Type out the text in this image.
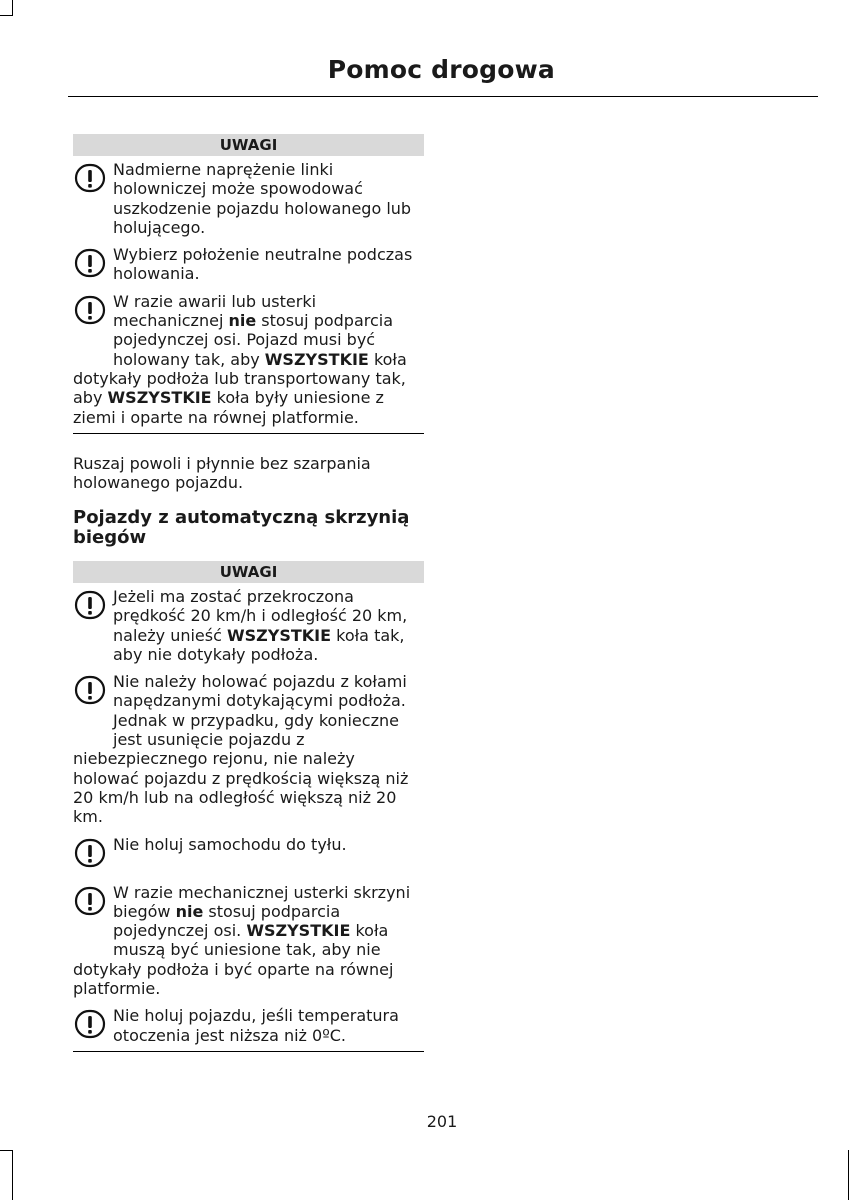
Pomoc drogowa
UWAGI

Nadmierne naprężenie linki holowniczej może spowodować uszkodzenie pojazdu holowanego lub holującego.

Wybierz położenie neutralne podczas holowania.

W razie awarii lub usterki mechanicznej nie stosuj podparcia pojedynczej osi. Pojazd musi być holowany tak, aby WSZYSTKIE koła dotykały podłoża lub transportowany tak, aby WSZYSTKIE koła były uniesione z ziemi i oparte na równej platformie.

Ruszaj powoli i płynnie bez szarpania holowanego pojazdu.

Pojazdy z automatyczną skrzynią biegów

UWAGI

Jeżeli ma zostać przekroczona prędkość 20 km/h i odległość 20 km, należy unieść WSZYSTKIE koła tak, aby nie dotykały podłoża.

Nie należy holować pojazdu z kołami napędzanymi dotykającymi podłoża. Jednak w przypadku, gdy konieczne jest usunięcie pojazdu z niebezpiecznego rejonu, nie należy holować pojazdu z prędkością większą niż 20 km/h lub na odległość większą niż 20 km.

Nie holuj samochodu do tyłu.

W razie mechanicznej usterki skrzyni biegów nie stosuj podparcia pojedynczej osi. WSZYSTKIE koła muszą być uniesione tak, aby nie dotykały podłoża i być oparte na równej platformie.

Nie holuj pojazdu, jeśli temperatura otoczenia jest niższa niż 0ºC.

201
